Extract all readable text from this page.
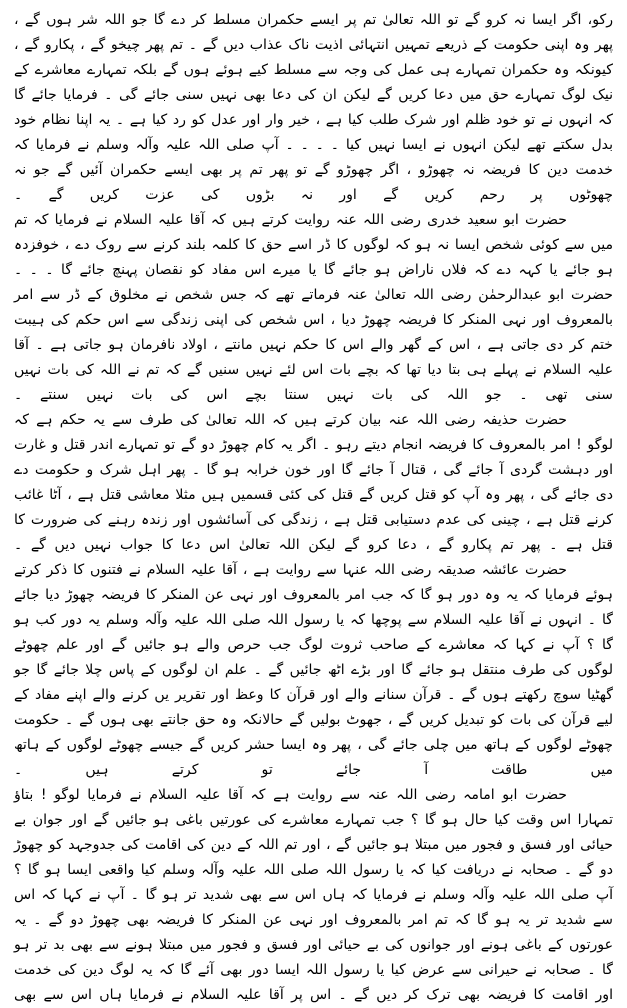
رکو، اگر ایسا نہ کرو گے تو اللہ تعالیٰ تم پر ایسے حکمران مسلط کر دے گا جو اللہ شر ہوں گے ، پھر وہ اپنی حکومت کے ذریعے تمہیں انتہائی اذیت ناک عذاب دیں گے ۔ تم پھر چیخو گے ، پکارو گے ، کیونکہ وہ حکمران تمہارے ہی عمل کی وجہ سے مسلط کیے ہوئے ہوں گے بلکہ تمہارے معاشرے کے نیک لوگ تمہارے حق میں دعا کریں گے لیکن ان کی دعا بھی نہیں سنی جائے گی ۔ فرمایا جائے گا کہ انہوں نے تو خود ظلم اور شرک طلب کیا ہے ، خیر وار اور عدل کو رد کیا ہے ۔ یہ اپنا نظام خود بدل سکتے تھے لیکن انہوں نے ایسا نہیں کیا ۔ ۔ ۔ ۔ آپ صلی اللہ علیہ وآلہ وسلم نے فرمایا کہ خدمت دین کا فریضہ نہ چھوڑو ، اگر چھوڑو گے تو پھر تم پر بھی ایسے حکمران آئیں گے جو نہ چھوٹوں پر رحم کریں گے اور نہ بڑوں کی عزت کریں گے ۔

حضرت ابو سعید خدری رضی اللہ عنہ روایت کرتے ہیں کہ آقا علیہ السلام نے فرمایا کہ تم میں سے کوئی شخص ایسا نہ ہو کہ لوگوں کا ڈر اسے حق کا کلمہ بلند کرنے سے روک دے ، خوفزدہ ہو جائے یا کہہ دے کہ فلاں ناراض ہو جائے گا یا میرے اس مفاد کو نقصان پہنچ جائے گا ۔ ۔ ۔ حضرت ابو عبدالرحمٰن رضی اللہ تعالیٰ عنہ فرماتے تھے کہ جس شخص نے مخلوق کے ڈر سے امر بالمعروف اور نہی المنکر کا فریضہ چھوڑ دیا ، اس شخص کی اپنی زندگی سے اس حکم کی ہیبت ختم کر دی جاتی ہے ، اس کے گھر والے اس کا حکم نہیں مانتے ، اولاد نافرمان ہو جاتی ہے ۔ آقا علیہ السلام نے پہلے ہی بتا دیا تھا کہ بچے بات اس لئے نہیں سنیں گے کہ تم نے اللہ کی بات نہیں سنی تھی ۔ جو اللہ کی بات نہیں سنتا بچے اس کی بات نہیں سنتے ۔

حضرت حذیفہ رضی اللہ عنہ بیان کرتے ہیں کہ اللہ تعالیٰ کی طرف سے یہ حکم ہے کہ لوگو ! امر بالمعروف کا فریضہ انجام دیتے رہو ۔ اگر یہ کام چھوڑ دو گے تو تمہارے اندر قتل و غارت اور دہشت گردی آ جائے گی ، قتال آ جائے گا اور خون خرابہ ہو گا ۔ پھر اہل شرک و حکومت دے دی جائے گی ، پھر وہ آپ کو قتل کریں گے قتل کی کئی قسمیں ہیں مثلا معاشی قتل ہے ، آٹا غائب کرنے قتل ہے ، چینی کی عدم دستیابی قتل ہے ، زندگی کی آسائشوں اور زندہ رہنے کی ضرورت کا قتل ہے ۔ پھر تم پکارو گے ، دعا کرو گے لیکن اللہ تعالیٰ اس دعا کا جواب نہیں دیں گے ۔

حضرت عائشہ صدیقہ رضی اللہ عنہا سے روایت ہے ، آقا علیہ السلام نے فتنوں کا ذکر کرتے ہوئے فرمایا کہ یہ وہ دور ہو گا کہ جب امر بالمعروف اور نہی عن المنکر کا فریضہ چھوڑ دیا جائے گا ۔ انہوں نے آقا علیہ السلام سے پوچھا کہ یا رسول اللہ صلی اللہ علیہ وآلہ وسلم یہ دور کب ہو گا ؟ آپ نے کہا کہ معاشرے کے صاحب ثروت لوگ جب حرص والے ہو جائیں گے اور علم چھوٹے لوگوں کی طرف منتقل ہو جائے گا اور بڑے اٹھ جائیں گے ۔ علم ان لوگوں کے پاس چلا جائے گا جو گھٹیا سوچ رکھتے ہوں گے ۔ قرآن سنانے والے اور قرآن کا وعظ اور تقریر یں کرنے والے اپنے مفاد کے لیے قرآن کی بات کو تبدیل کریں گے ، جھوٹ بولیں گے حالانکہ وہ حق جانتے بھی ہوں گے ۔ حکومت چھوٹے لوگوں کے ہاتھ میں چلی جائے گی ، پھر وہ ایسا حشر کریں گے جیسے چھوٹے لوگوں کے ہاتھ میں طاقت آ جائے تو کرتے ہیں ۔

حضرت ابو امامہ رضی اللہ عنہ سے روایت ہے کہ آقا علیہ السلام نے فرمایا لوگو ! بتاؤ تمہارا اس وقت کیا حال ہو گا ؟ جب تمہارے معاشرے کی عورتیں باغی ہو جائیں گے اور جوان بے حیائی اور فسق و فجور میں مبتلا ہو جائیں گے ، اور تم اللہ کے دین کی اقامت کی جدوجہد کو چھوڑ دو گے ۔ صحابہ نے دریافت کیا کہ یا رسول اللہ صلی اللہ علیہ وآلہ وسلم کیا واقعی ایسا ہو گا ؟ آپ صلی اللہ علیہ وآلہ وسلم نے فرمایا کہ ہاں اس سے بھی شدید تر ہو گا ۔ آپ نے کہا کہ اس سے شدید تر یہ ہو گا کہ تم امر بالمعروف اور نہی عن المنکر کا فریضہ بھی چھوڑ دو گے ۔ یہ عورتوں کے باغی ہونے اور جوانوں کی بے حیائی اور فسق و فجور میں مبتلا ہونے سے بھی بد تر ہو گا ۔ صحابہ نے حیرانی سے عرض کیا یا رسول اللہ ایسا دور بھی آئے گا کہ یہ لوگ دین کی خدمت اور اقامت کا فریضہ بھی ترک کر دیں گے ۔ اس پر آقا علیہ السلام نے فرمایا ہاں اس سے بھی
